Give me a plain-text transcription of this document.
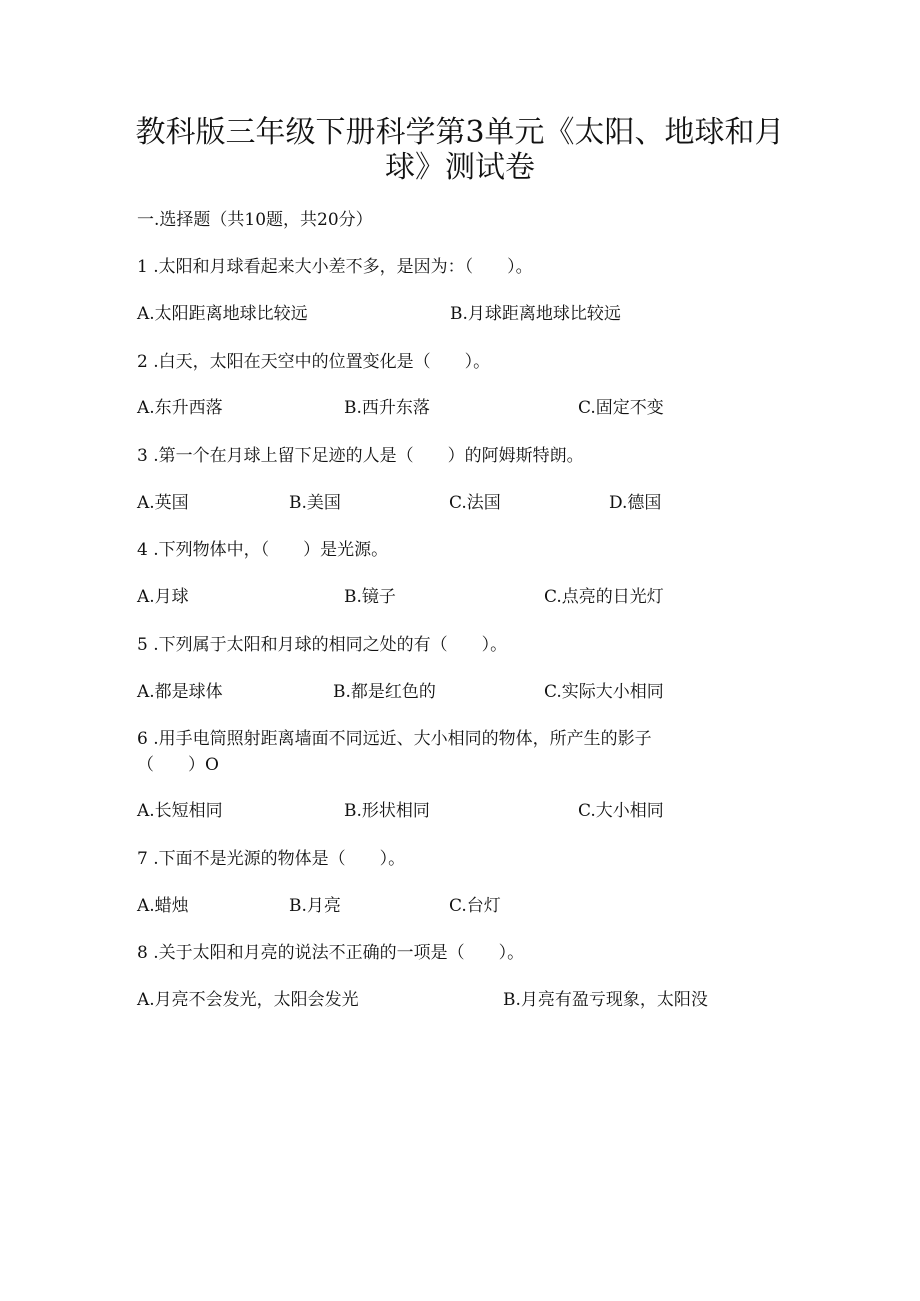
教科版三年级下册科学第3单元《太阳、地球和月
球》测试卷

一.选择题（共10题，共20分）

1 .太阳和月球看起来大小差不多，是因为：（　　）。

A.太阳距离地球比较远	B.月球距离地球比较远

2 .白天，太阳在天空中的位置变化是（　　）。

A.东升西落	B.西升东落	C.固定不变

3 .第一个在月球上留下足迹的人是（　　）的阿姆斯特朗。

A.英国	B.美国	C.法国	D.德国

4 .下列物体中，（　　）是光源。

A.月球	B.镜子	C.点亮的日光灯

5 .下列属于太阳和月球的相同之处的有（　　）。

A.都是球体	B.都是红色的	C.实际大小相同

6 .用手电筒照射距离墙面不同远近、大小相同的物体，所产生的影子

（　　）O

A.长短相同	B.形状相同	C.大小相同

7 .下面不是光源的物体是（　　）。

A.蜡烛	B.月亮	C.台灯

8 .关于太阳和月亮的说法不正确的一项是（　　）。

A.月亮不会发光，太阳会发光	B.月亮有盈亏现象，太阳没
